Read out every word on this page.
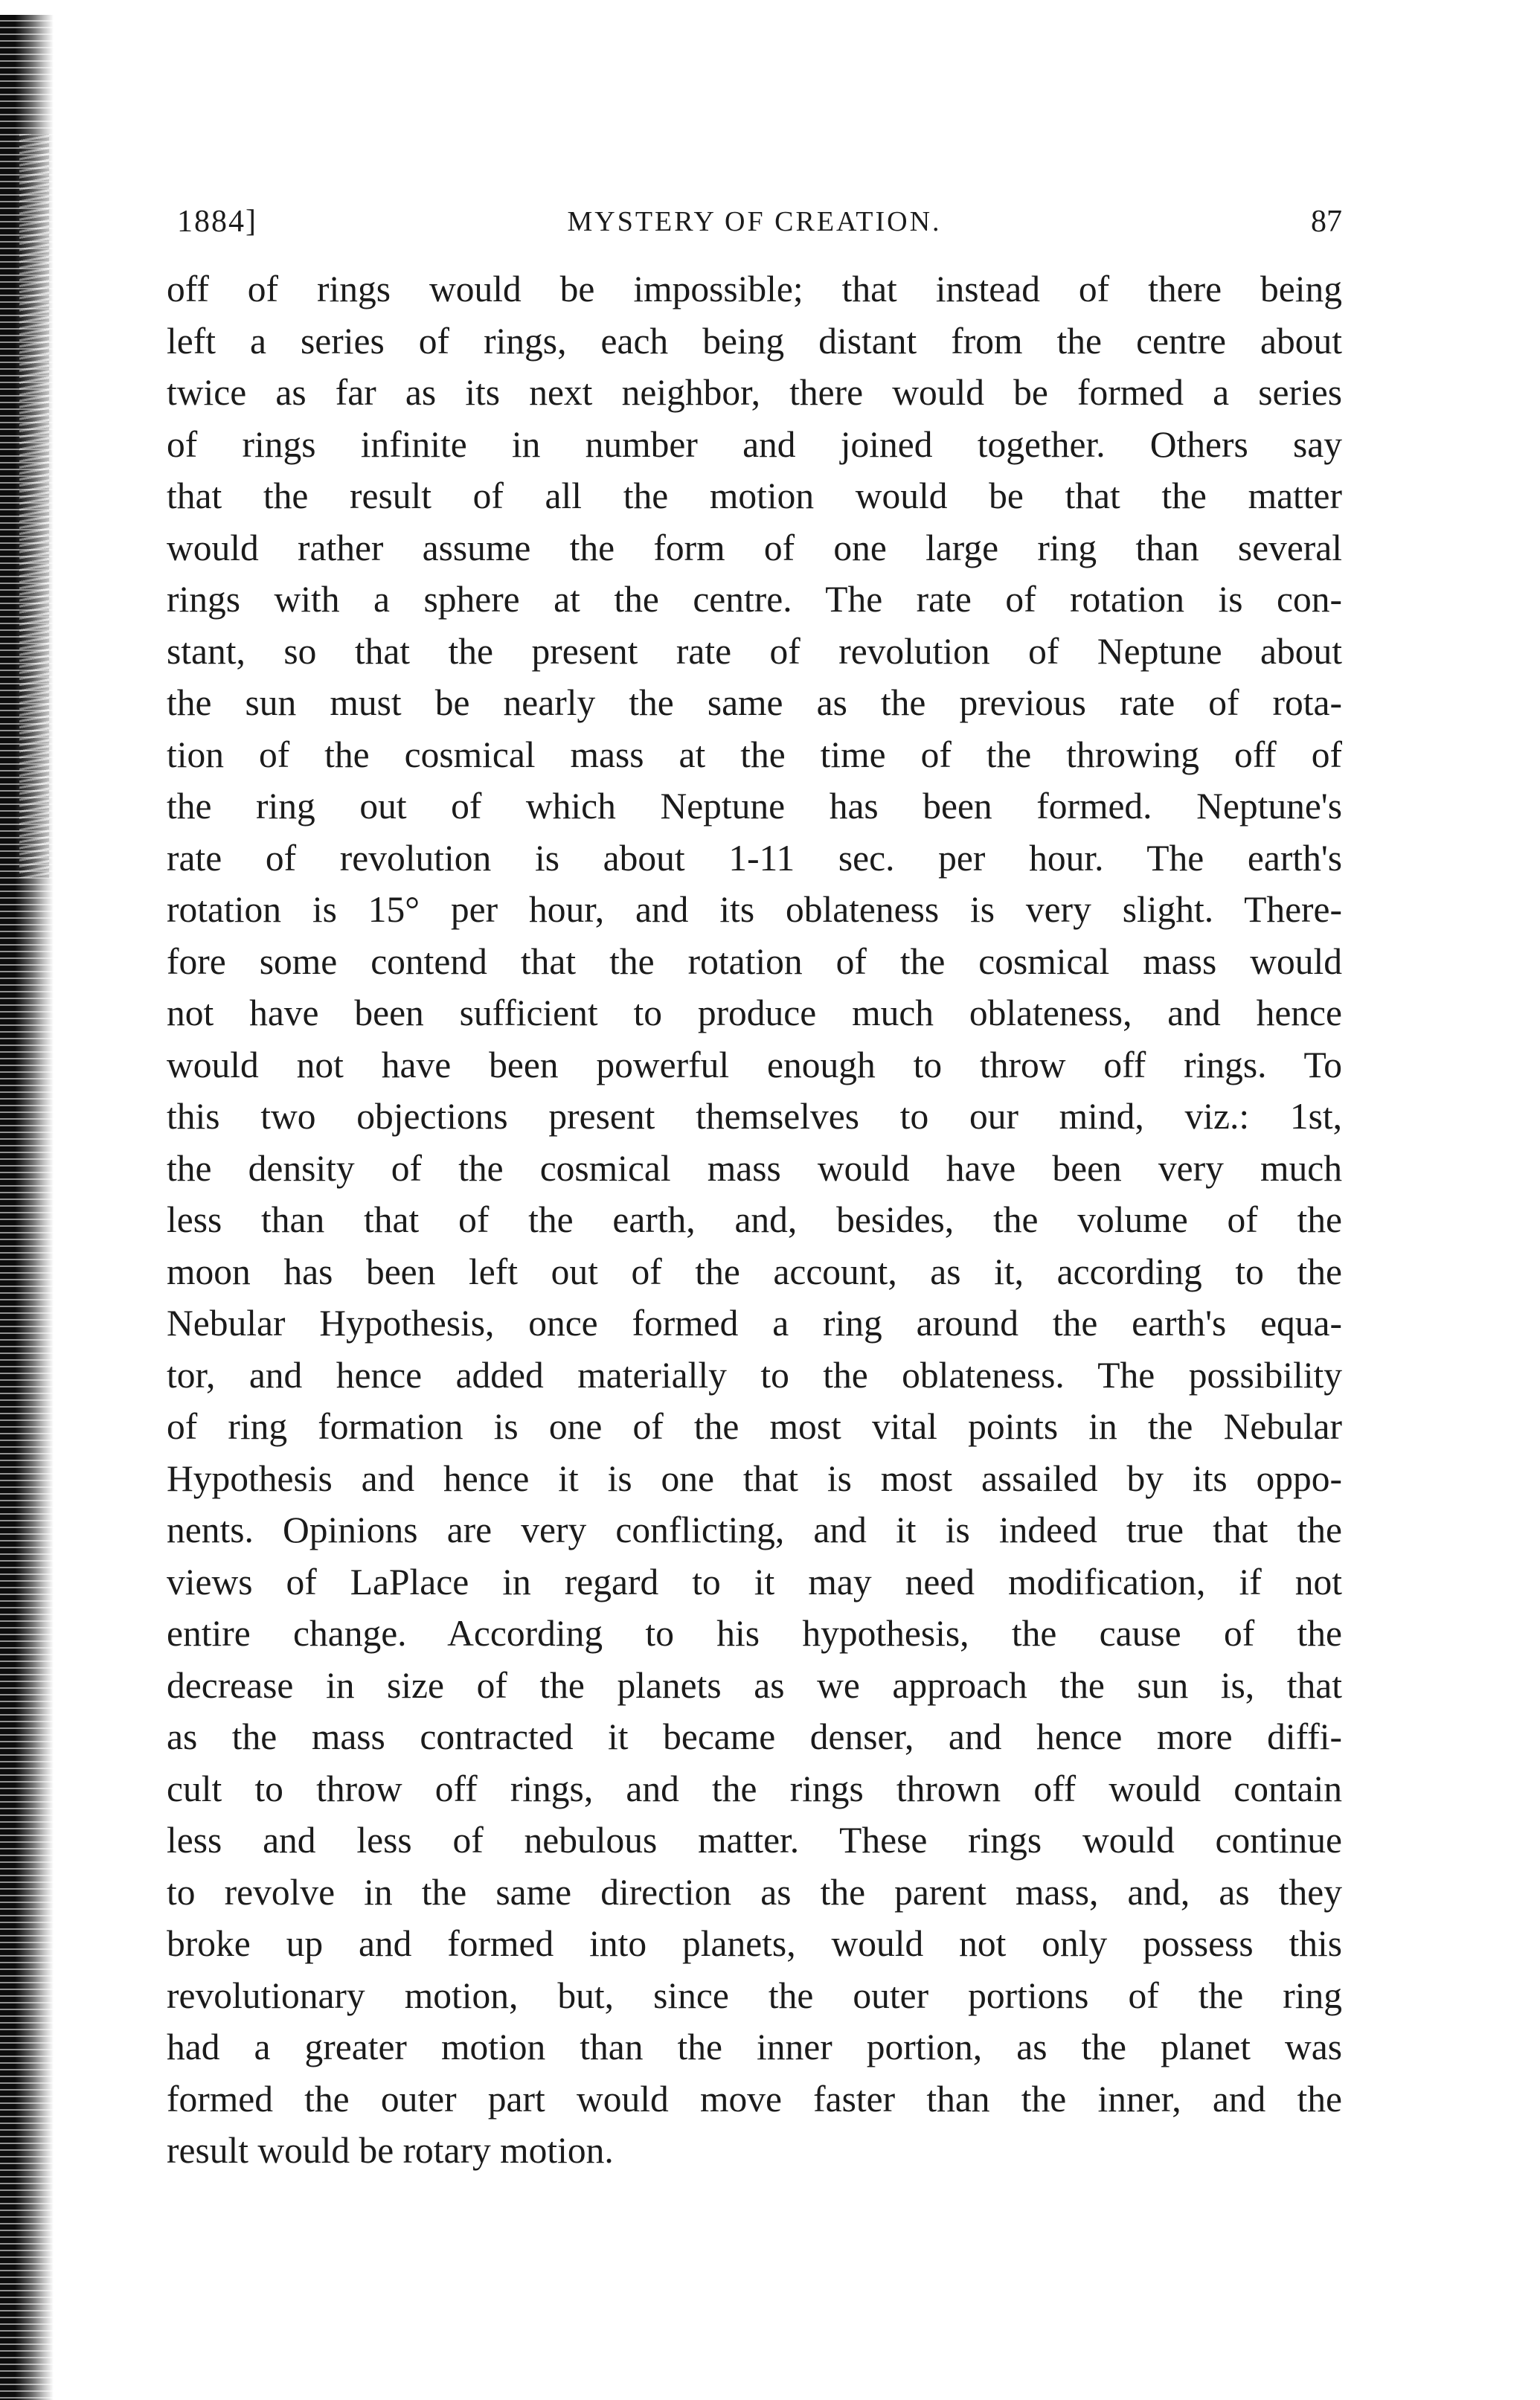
1884]	MYSTERY OF CREATION.	87
off of rings would be impossible; that instead of there being
left a series of rings, each being distant from the centre about
twice as far as its next neighbor, there would be formed a series
of rings infinite in number and joined together. Others say
that the result of all the motion would be that the matter
would rather assume the form of one large ring than several
rings with a sphere at the centre. The rate of rotation is con-
stant, so that the present rate of revolution of Neptune about
the sun must be nearly the same as the previous rate of rota-
tion of the cosmical mass at the time of the throwing off of
the ring out of which Neptune has been formed. Neptune's
rate of revolution is about 1-11 sec. per hour. The earth's
rotation is 15° per hour, and its oblateness is very slight. There-
fore some contend that the rotation of the cosmical mass would
not have been sufficient to produce much oblateness, and hence
would not have been powerful enough to throw off rings. To
this two objections present themselves to our mind, viz.: 1st,
the density of the cosmical mass would have been very much
less than that of the earth, and, besides, the volume of the
moon has been left out of the account, as it, according to the
Nebular Hypothesis, once formed a ring around the earth's equa-
tor, and hence added materially to the oblateness. The possibility
of ring formation is one of the most vital points in the Nebular
Hypothesis and hence it is one that is most assailed by its oppo-
nents. Opinions are very conflicting, and it is indeed true that the
views of LaPlace in regard to it may need modification, if not
entire change. According to his hypothesis, the cause of the
decrease in size of the planets as we approach the sun is, that
as the mass contracted it became denser, and hence more diffi-
cult to throw off rings, and the rings thrown off would contain
less and less of nebulous matter. These rings would continue
to revolve in the same direction as the parent mass, and, as they
broke up and formed into planets, would not only possess this
revolutionary motion, but, since the outer portions of the ring
had a greater motion than the inner portion, as the planet was
formed the outer part would move faster than the inner, and the
result would be rotary motion.
